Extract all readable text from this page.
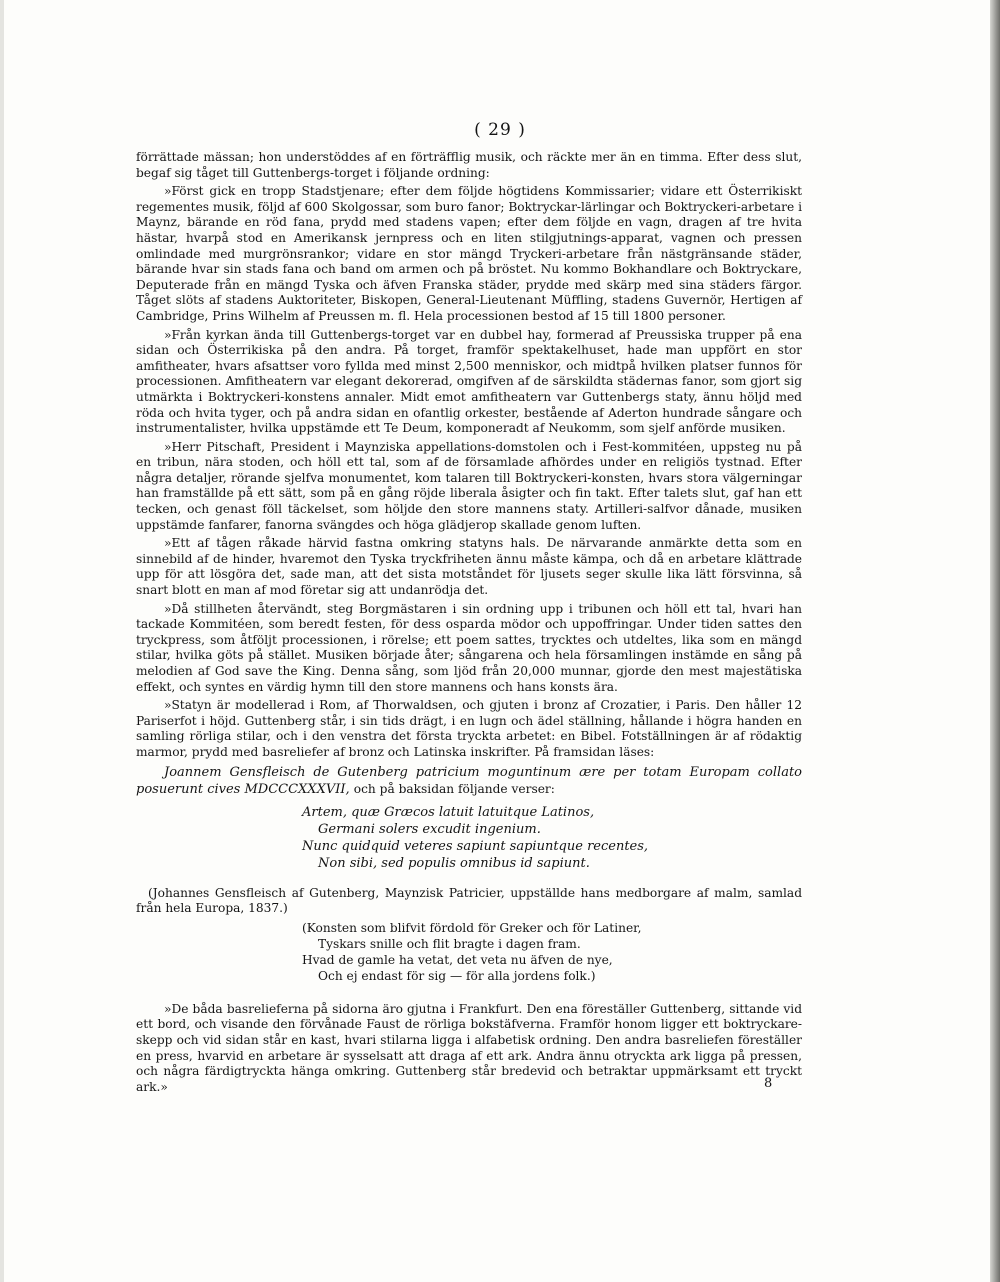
( 29 )

förrättade mässan; hon understöddes af en förträfflig musik, och räckte mer än en timma. Efter dess slut, begaf sig tåget till Guttenbergs-torget i följande ordning:

»Först gick en tropp Stadstjenare; efter dem följde högtidens Kommissarier; vidare ett Österrikiskt regementes musik, följd af 600 Skolgossar, som buro fanor; Boktryckar-lärlingar och Boktryckeri-arbetare i Maynz, bärande en röd fana, prydd med stadens vapen; efter dem följde en vagn, dragen af tre hvita hästar, hvarpå stod en Amerikansk jernpress och en liten stilgjutnings-apparat, vagnen och pressen omlindade med murgrönsrankor; vidare en stor mängd Tryckeri-arbetare från nästgränsande städer, bärande hvar sin stads fana och band om armen och på bröstet. Nu kommo Bokhandlare och Boktryckare, Deputerade från en mängd Tyska och äfven Franska städer, prydde med skärp med sina städers färgor. Tåget slöts af stadens Auktoriteter, Biskopen, General-Lieutenant Müffling, stadens Guvernör, Hertigen af Cambridge, Prins Wilhelm af Preussen m. fl. Hela processionen bestod af 15 till 1800 personer.

»Från kyrkan ända till Guttenbergs-torget var en dubbel hay, formerad af Preussiska trupper på ena sidan och Österrikiska på den andra. På torget, framför spektakelhuset, hade man uppfört en stor amfitheater, hvars afsattser voro fyllda med minst 2,500 menniskor, och midtpå hvilken platser funnos för processionen. Amfitheatern var elegant dekorerad, omgifven af de särskildta städernas fanor, som gjort sig utmärkta i Boktryckeri-konstens annaler. Midt emot amfitheatern var Guttenbergs staty, ännu höljd med röda och hvita tyger, och på andra sidan en ofantlig orkester, bestående af Aderton hundrade sångare och instrumentalister, hvilka uppstämde ett Te Deum, komponeradt af Neukomm, som sjelf anförde musiken.

»Herr Pitschaft, President i Maynziska appellations-domstolen och i Fest-kommitéen, uppsteg nu på en tribun, nära stoden, och höll ett tal, som af de församlade afhördes under en religiös tystnad. Efter några detaljer, rörande sjelfva monumentet, kom talaren till Boktryckeri-konsten, hvars stora välgerningar han framställde på ett sätt, som på en gång röjde liberala åsigter och fin takt. Efter talets slut, gaf han ett tecken, och genast föll täckelset, som höljde den store mannens staty. Artilleri-salfvor dånade, musiken uppstämde fanfarer, fanorna svängdes och höga glädjerop skallade genom luften.

»Ett af tågen råkade härvid fastna omkring statyns hals. De närvarande anmärkte detta som en sinnebild af de hinder, hvaremot den Tyska tryckfriheten ännu måste kämpa, och då en arbetare klättrade upp för att lösgöra det, sade man, att det sista motståndet för ljusets seger skulle lika lätt försvinna, så snart blott en man af mod företar sig att undanrödja det.

»Då stillheten återvändt, steg Borgmästaren i sin ordning upp i tribunen och höll ett tal, hvari han tackade Kommitéen, som beredt festen, för dess osparda mödor och uppoffringar. Under tiden sattes den tryckpress, som åtföljt processionen, i rörelse; ett poem sattes, trycktes och utdeltes, lika som en mängd stilar, hvilka göts på stället. Musiken började åter; sångarena och hela församlingen instämde en sång på melodien af God save the King. Denna sång, som ljöd från 20,000 munnar, gjorde den mest majestätiska effekt, och syntes en värdig hymn till den store mannens och hans konsts ära.

»Statyn är modellerad i Rom, af Thorwaldsen, och gjuten i bronz af Crozatier, i Paris. Den håller 12 Pariserfot i höjd. Guttenberg står, i sin tids drägt, i en lugn och ädel ställning, hållande i högra handen en samling rörliga stilar, och i den venstra det första tryckta arbetet: en Bibel. Fotställningen är af rödaktig marmor, prydd med basreliefer af bronz och Latinska inskrifter. På framsidan läses:

Joannem Gensfleisch de Gutenberg patricium moguntinum ære per totam Europam collato posuerunt cives MDCCCXXXVII, och på baksidan följande verser:

Artem, quæ Græcos latuit latuitque Latinos,
Germani solers excudit ingenium.
Nunc quidquid veteres sapiunt sapiuntque recentes,
Non sibi, sed populis omnibus id sapiunt.

(Johannes Gensfleisch af Gutenberg, Maynzisk Patricier, uppställde hans medborgare af malm, samlad från hela Europa, 1837.)

(Konsten som blifvit fördold för Greker och för Latiner,
Tyskars snille och flit bragte i dagen fram.
Hvad de gamle ha vetat, det veta nu äfven de nye,
Och ej endast för sig — för alla jordens folk.)

»De båda basrelieferna på sidorna äro gjutna i Frankfurt. Den ena föreställer Guttenberg, sittande vid ett bord, och visande den förvånade Faust de rörliga bokstäfverna. Framför honom ligger ett boktryckare-skepp och vid sidan står en kast, hvari stilarna ligga i alfabetisk ordning. Den andra basreliefen föreställer en press, hvarvid en arbetare är sysselsatt att draga af ett ark. Andra ännu otryckta ark ligga på pressen, och några färdigtryckta hänga omkring. Guttenberg står bredevid och betraktar uppmärksamt ett tryckt ark.»	8
